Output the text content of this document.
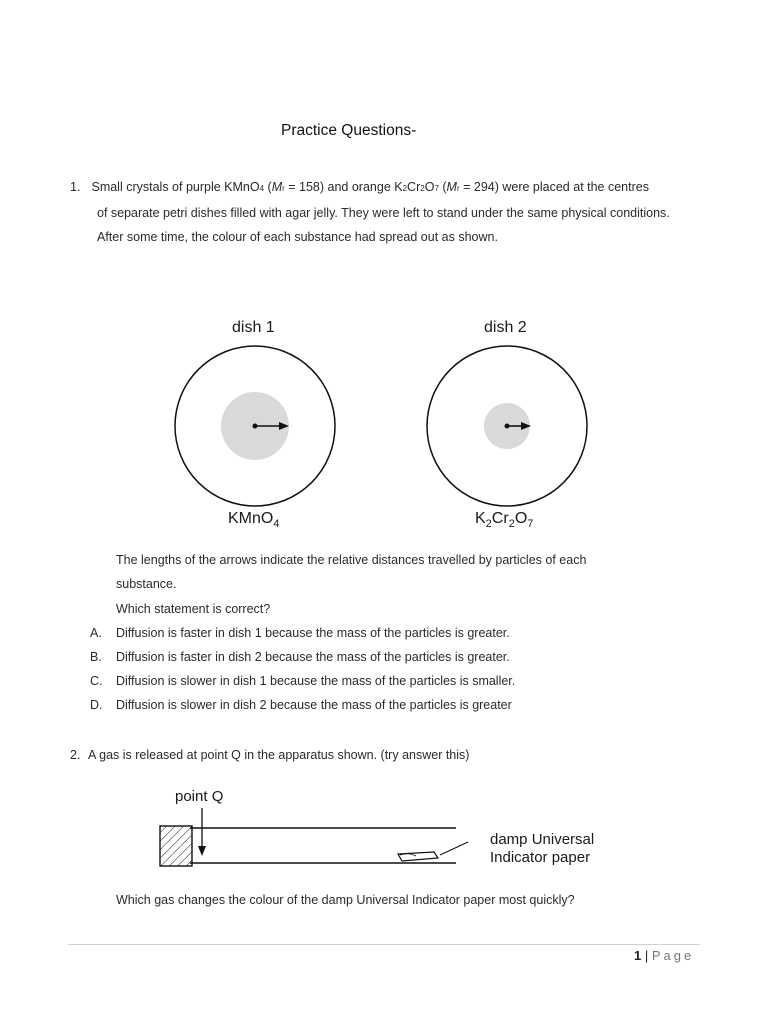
Practice Questions-
1. Small crystals of purple KMnO4 (Mr = 158) and orange K2Cr2O7 (Mr = 294) were placed at the centres
of separate petri dishes filled with agar jelly. They were left to stand under the same physical conditions.
After some time, the colour of each substance had spread out as shown.
dish 1	dish 2
KMnO$_4$	$K_2Cr_2O_7$
The lengths of the arrows indicate the relative distances travelled by particles of each substance.
Which statement is correct?
A. Diffusion is faster in dish 1 because the mass of the particles is greater.
B. Diffusion is faster in dish 2 because the mass of the particles is greater.
C. Diffusion is slower in dish 1 because the mass of the particles is smaller.
D. Diffusion is slower in dish 2 because the mass of the particles is greater
2. A gas is released at point Q in the apparatus shown. (try answer this)
point Q
damp Universal
Indicator paper
Which gas changes the colour of the damp Universal Indicator paper most quickly?
1 | Page
